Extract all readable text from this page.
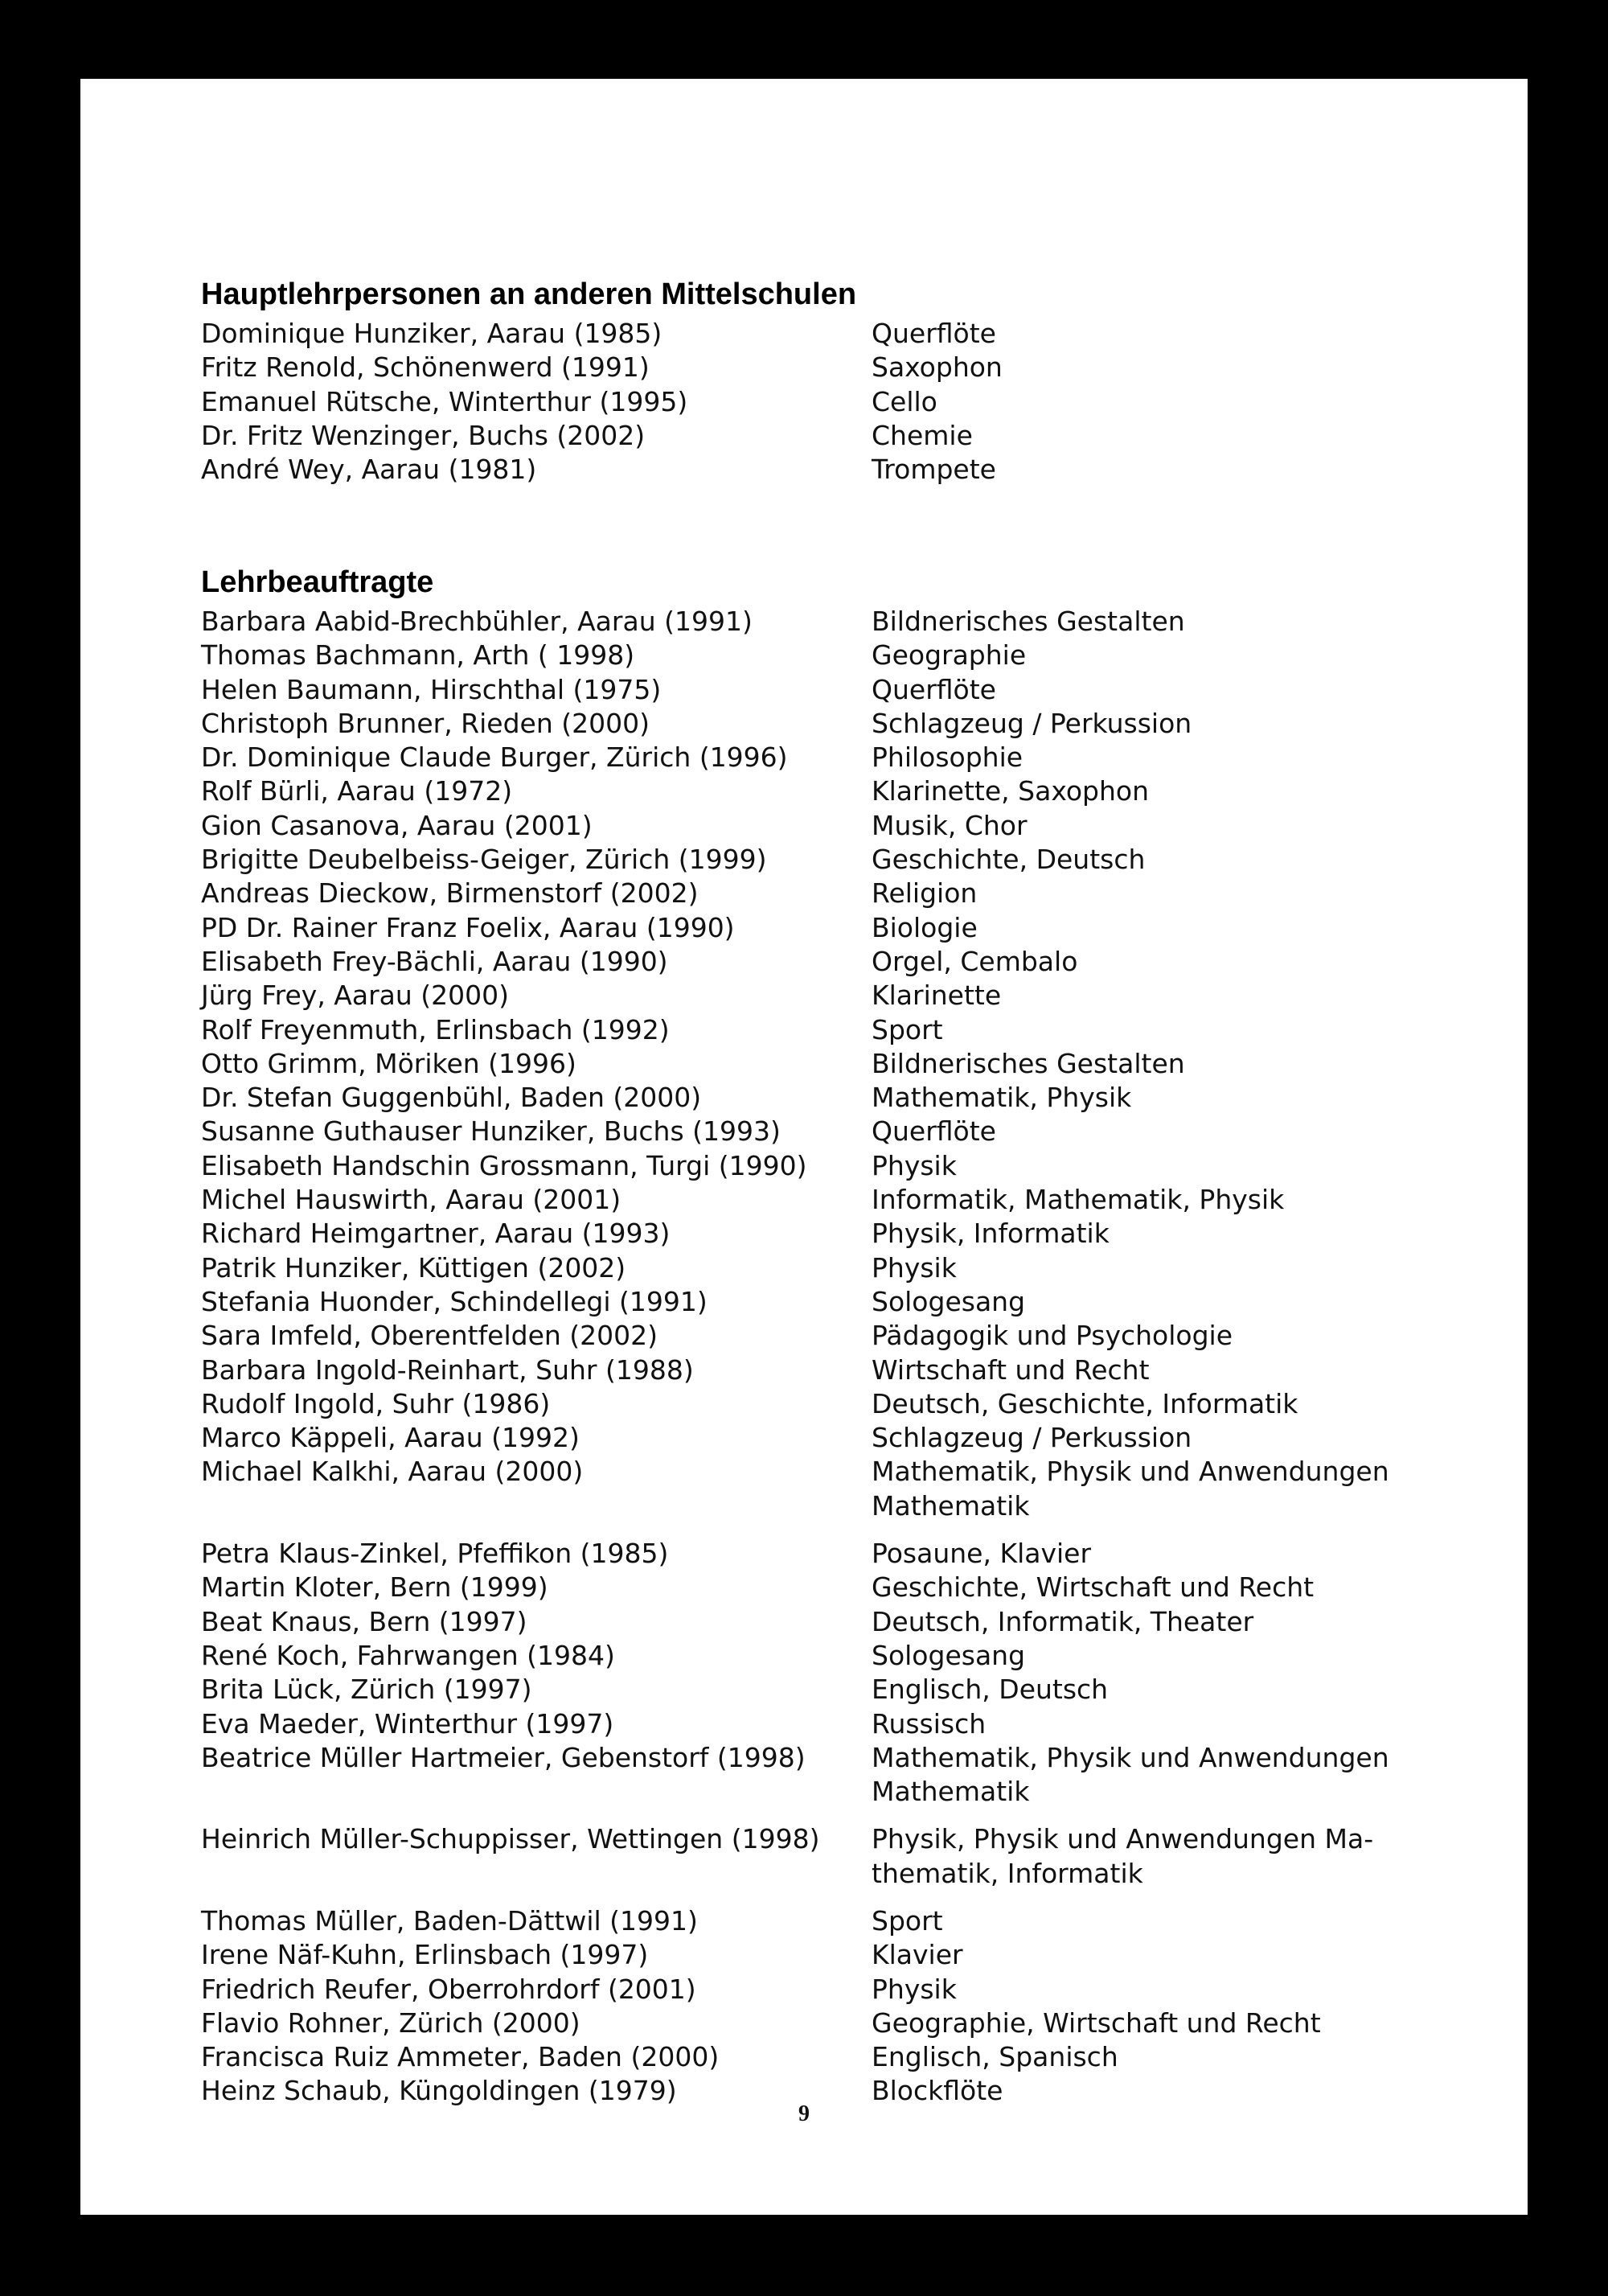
Hauptlehrpersonen an anderen Mittelschulen
Dominique Hunziker, Aarau (1985)	Querflöte
Fritz Renold, Schönenwerd (1991)	Saxophon
Emanuel Rütsche, Winterthur (1995)	Cello
Dr. Fritz Wenzinger, Buchs (2002)	Chemie
André Wey, Aarau (1981)	Trompete
Lehrbeauftragte
Barbara Aabid-Brechbühler, Aarau (1991)	Bildnerisches Gestalten
Thomas Bachmann, Arth ( 1998)	Geographie
Helen Baumann, Hirschthal (1975)	Querflöte
Christoph Brunner, Rieden (2000)	Schlagzeug / Perkussion
Dr. Dominique Claude Burger, Zürich (1996)	Philosophie
Rolf Bürli, Aarau (1972)	Klarinette, Saxophon
Gion Casanova, Aarau (2001)	Musik, Chor
Brigitte Deubelbeiss-Geiger, Zürich (1999)	Geschichte, Deutsch
Andreas Dieckow, Birmenstorf (2002)	Religion
PD Dr. Rainer Franz Foelix, Aarau (1990)	Biologie
Elisabeth Frey-Bächli, Aarau (1990)	Orgel, Cembalo
Jürg Frey, Aarau (2000)	Klarinette
Rolf Freyenmuth, Erlinsbach (1992)	Sport
Otto Grimm, Möriken (1996)	Bildnerisches Gestalten
Dr. Stefan Guggenbühl, Baden (2000)	Mathematik, Physik
Susanne Guthauser Hunziker, Buchs (1993)	Querflöte
Elisabeth Handschin Grossmann, Turgi (1990)	Physik
Michel Hauswirth, Aarau (2001)	Informatik, Mathematik, Physik
Richard Heimgartner, Aarau (1993)	Physik, Informatik
Patrik Hunziker, Küttigen (2002)	Physik
Stefania Huonder, Schindellegi (1991)	Sologesang
Sara Imfeld, Oberentfelden (2002)	Pädagogik und Psychologie
Barbara Ingold-Reinhart, Suhr (1988)	Wirtschaft und Recht
Rudolf Ingold, Suhr (1986)	Deutsch, Geschichte, Informatik
Marco Käppeli, Aarau (1992)	Schlagzeug / Perkussion
Michael Kalkhi, Aarau (2000)	Mathematik, Physik und Anwendungen
Mathematik
Petra Klaus-Zinkel, Pfeffikon (1985)	Posaune, Klavier
Martin Kloter, Bern (1999)	Geschichte, Wirtschaft und Recht
Beat Knaus, Bern (1997)	Deutsch, Informatik, Theater
René Koch, Fahrwangen (1984)	Sologesang
Brita Lück, Zürich (1997)	Englisch, Deutsch
Eva Maeder, Winterthur (1997)	Russisch
Beatrice Müller Hartmeier, Gebenstorf (1998)	Mathematik, Physik und Anwendungen
Mathematik
Heinrich Müller-Schuppisser, Wettingen (1998)	Physik, Physik und Anwendungen Ma-
thematik, Informatik
Thomas Müller, Baden-Dättwil (1991)	Sport
Irene Näf-Kuhn, Erlinsbach (1997)	Klavier
Friedrich Reufer, Oberrohrdorf (2001)	Physik
Flavio Rohner, Zürich (2000)	Geographie, Wirtschaft und Recht
Francisca Ruiz Ammeter, Baden (2000)	Englisch, Spanisch
Heinz Schaub, Küngoldingen (1979)	Blockflöte
9
